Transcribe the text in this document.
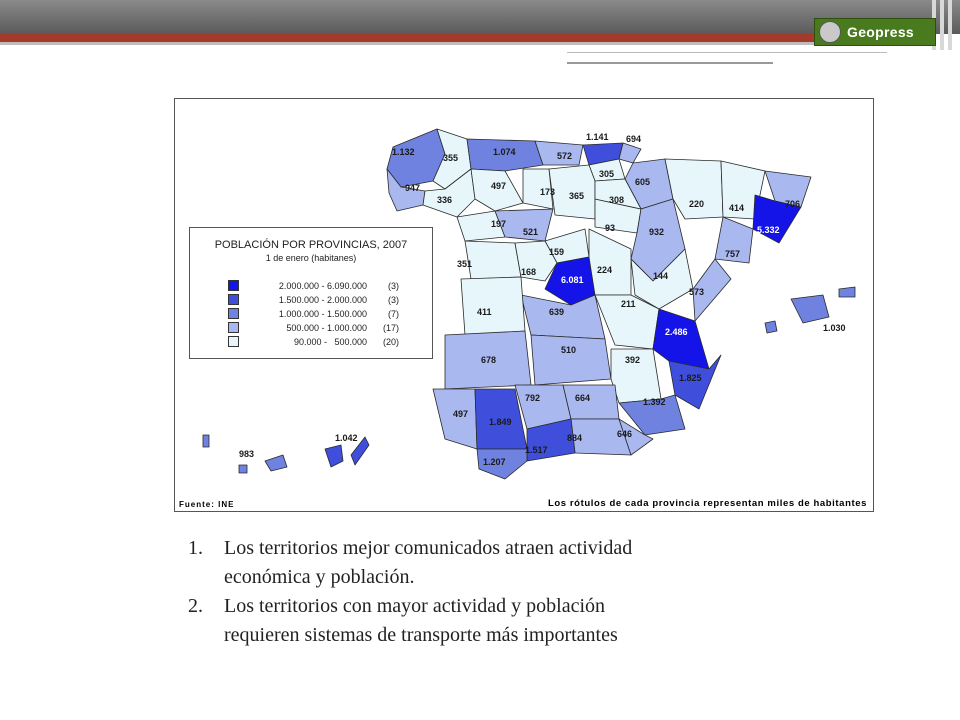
Geopress
1.141 694
1.132
355
1.074	572
305
605
947	497
173 365	308
336	220	414	706
197
521	93	932	5.332
159	757
351
168
6.081
224
144
573
1.030
411	639
211
2.486
678
510
392
1.825
792	664	1.392
497
1.849
884	646
1.042
983	1.517
1.207
POBLACIÓN POR PROVINCIAS, 2007
1 de enero (habitanes)
2.000.000 - 6.090.000	(3)
1.500.000 - 2.000.000	(3)
1.000.000 - 1.500.000	(7)
500.000 - 1.000.000	(17)
90.000 -   500.000	(20)
Fuente: INE	Los rótulos de cada provincia representan miles de habitantes
1.	Los territorios mejor comunicados atraen actividad económica y población.
2.	Los territorios con mayor actividad y población requieren sistemas de transporte más importantes
